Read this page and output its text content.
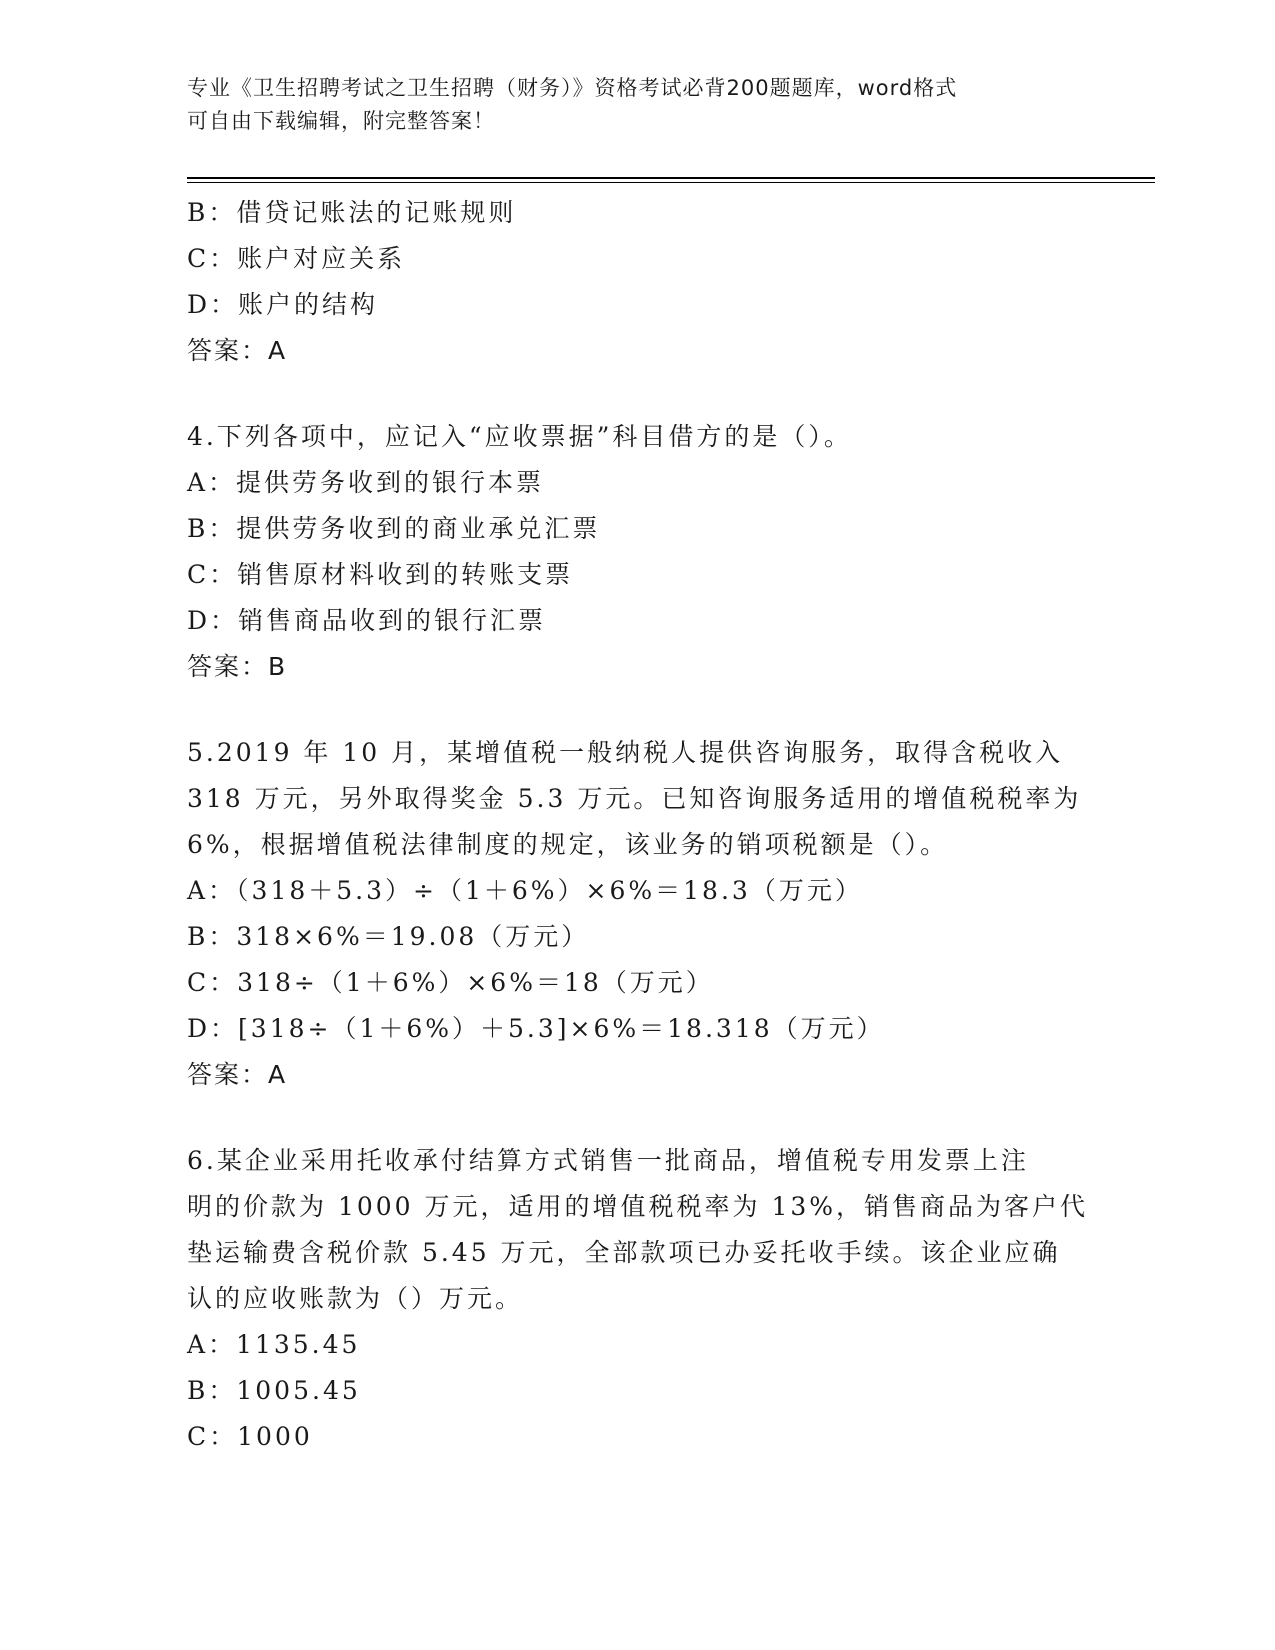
专业《卫生招聘考试之卫生招聘（财务）》资格考试必背200题题库，word格式
可自由下载编辑，附完整答案！
B：借贷记账法的记账规则
C：账户对应关系
D：账户的结构
答案：A
4.下列各项中，应记入“应收票据”科目借方的是（）。
A：提供劳务收到的银行本票
B：提供劳务收到的商业承兑汇票
C：销售原材料收到的转账支票
D：销售商品收到的银行汇票
答案：B
5.2019 年 10 月，某增值税一般纳税人提供咨询服务，取得含税收入
318 万元，另外取得奖金 5.3 万元。已知咨询服务适用的增值税税率为
6%，根据增值税法律制度的规定，该业务的销项税额是（）。
A：（318＋5.3）÷（1＋6%）×6%＝18.3（万元）
B：318×6%＝19.08（万元）
C：318÷（1＋6%）×6%＝18（万元）
D：[318÷（1＋6%）＋5.3]×6%＝18.318（万元）
答案：A
6.某企业采用托收承付结算方式销售一批商品，增值税专用发票上注
明的价款为 1000 万元，适用的增值税税率为 13%，销售商品为客户代
垫运输费含税价款 5.45 万元，全部款项已办妥托收手续。该企业应确
认的应收账款为（）万元。
A：1135.45
B：1005.45
C：1000
